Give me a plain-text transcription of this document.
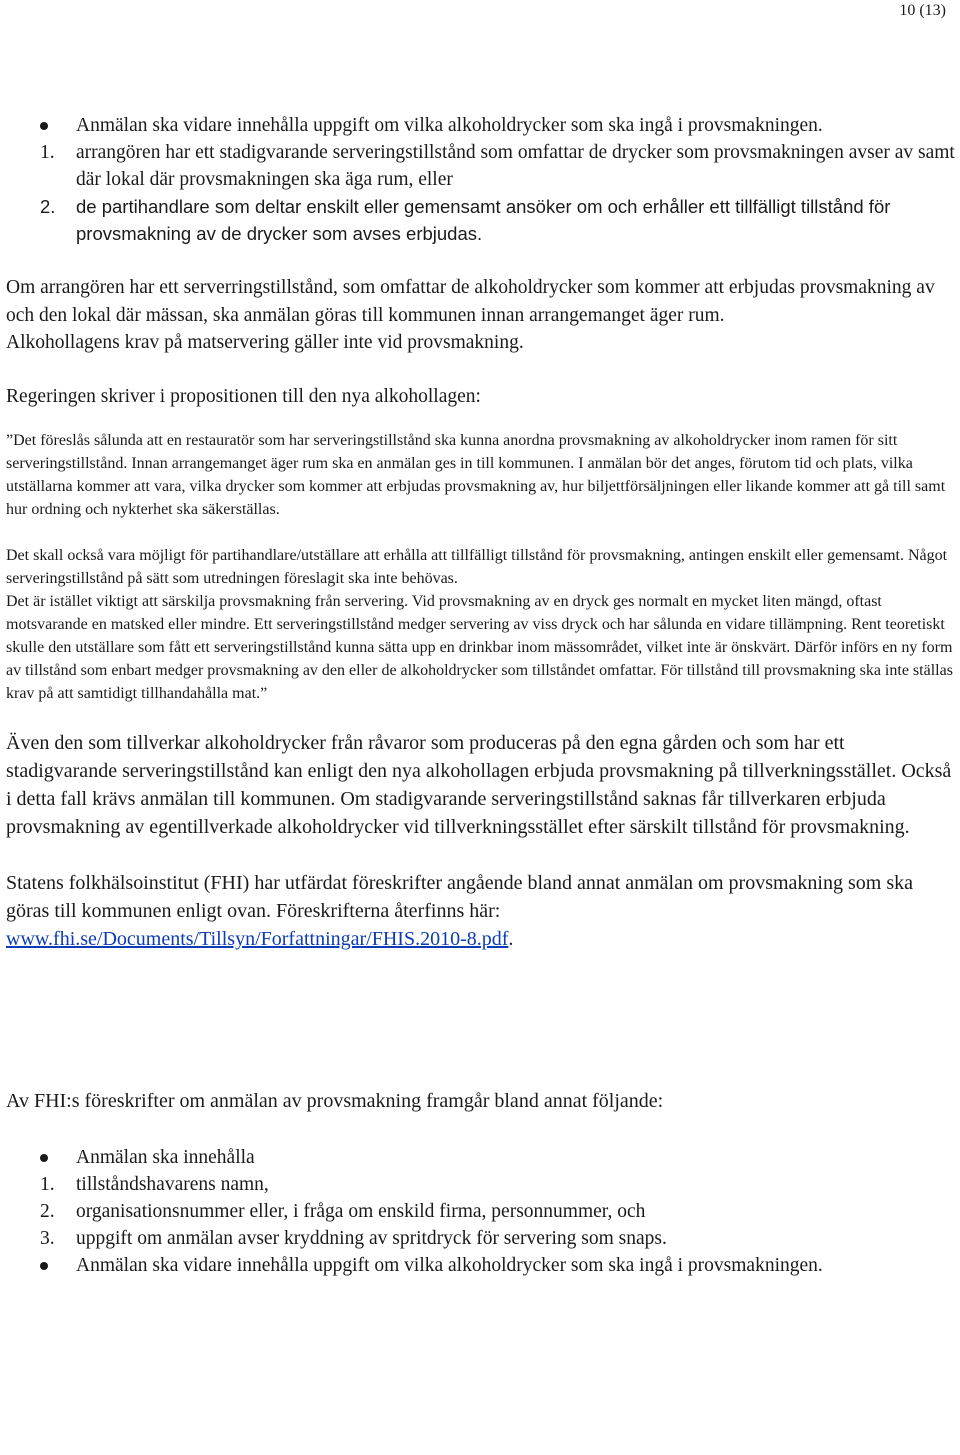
10 (13)
Anmälan ska vidare innehålla uppgift om vilka alkoholdrycker som ska ingå i provsmakningen.
1. arrangören har ett stadigvarande serveringstillstånd som omfattar de drycker som provsmakningen avser av samt där lokal där provsmakningen ska äga rum, eller
2. de partihandlare som deltar enskilt eller gemensamt ansöker om och erhåller ett tillfälligt tillstånd för provsmakning av de drycker som avses erbjudas.

Om arrangören har ett serverringstillstånd, som omfattar de alkoholdrycker som kommer att erbjudas provsmakning av och den lokal där mässan, ska anmälan göras till kommunen innan arrangemanget äger rum.

Alkohollagens krav på matservering gäller inte vid provsmakning.

Regeringen skriver i propositionen till den nya alkohollagen:

”Det föreslås sålunda att en restauratör som har serveringstillstånd ska kunna anordna provsmakning av alkoholdrycker inom ramen för sitt serveringstillstånd. Innan arrangemanget äger rum ska en anmälan ges in till kommunen. I anmälan bör det anges, förutom tid och plats, vilka utställarna kommer att vara, vilka drycker som kommer att erbjudas provsmakning av, hur biljettförsäljningen eller likande kommer att gå till samt hur ordning och nykterhet ska säkerställas.

Det skall också vara möjligt för partihandlare/utställare att erhålla att tillfälligt tillstånd för provsmakning, antingen enskilt eller gemensamt. Något serveringstillstånd på sätt som utredningen föreslagit ska inte behövas.

Det är istället viktigt att särskilja provsmakning från servering. Vid provsmakning av en dryck ges normalt en mycket liten mängd, oftast motsvarande en matsked eller mindre. Ett serveringstillstånd medger servering av viss dryck och har sålunda en vidare tillämpning. Rent teoretiskt skulle den utställare som fått ett serveringstillstånd kunna sätta upp en drinkbar inom mässområdet, vilket inte är önskvärt. Därför införs en ny form av tillstånd som enbart medger provsmakning av den eller de alkoholdrycker som tillståndet omfattar. För tillstånd till provsmakning ska inte ställas krav på att samtidigt tillhandahålla mat.”

Även den som tillverkar alkoholdrycker från råvaror som produceras på den egna gården och som har ett stadigvarande serveringstillstånd kan enligt den nya alkohollagen erbjuda provsmakning på tillverkningsstället. Också i detta fall krävs anmälan till kommunen. Om stadigvarande serveringstillstånd saknas får tillverkaren erbjuda provsmakning av egentillverkade alkoholdrycker vid tillverkningsstället efter särskilt tillstånd för provsmakning.

Statens folkhälsoinstitut (FHI) har utfärdat föreskrifter angående bland annat anmälan om provsmakning som ska göras till kommunen enligt ovan. Föreskrifterna återfinns här: www.fhi.se/Documents/Tillsyn/Forfattningar/FHIS.2010-8.pdf.

Av FHI:s föreskrifter om anmälan av provsmakning framgår bland annat följande:

Anmälan ska innehålla
1. tillståndshavarens namn,
2. organisationsnummer eller, i fråga om enskild firma, personnummer, och
3. uppgift om anmälan avser kryddning av spritdryck för servering som snaps.
Anmälan ska vidare innehålla uppgift om vilka alkoholdrycker som ska ingå i provsmakningen.
